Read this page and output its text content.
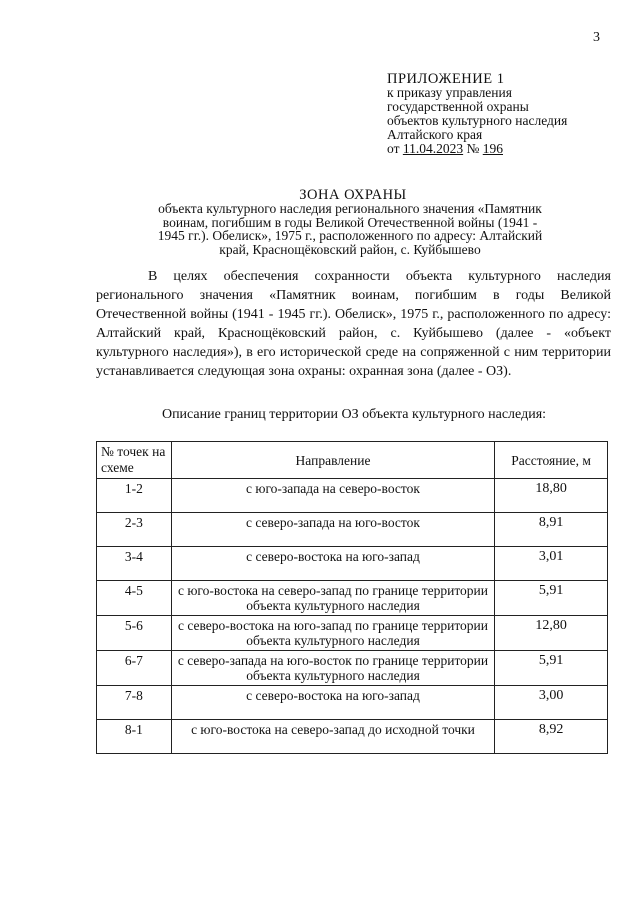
3
ПРИЛОЖЕНИЕ 1
к приказу управления
государственной охраны
объектов культурного наследия
Алтайского края
от 11.04.2023 № 196
ЗОНА ОХРАНЫ
объекта культурного наследия регионального значения «Памятник воинам, погибшим в годы Великой Отечественной войны (1941 - 1945 гг.). Обелиск», 1975 г., расположенного по адресу: Алтайский край, Краснощёковский район, с. Куйбышево
В целях обеспечения сохранности объекта культурного наследия регионального значения «Памятник воинам, погибшим в годы Великой Отечественной войны (1941 - 1945 гг.). Обелиск», 1975 г., расположенного по адресу: Алтайский край, Краснощёковский район, с. Куйбышево (далее - «объект культурного наследия»), в его исторической среде на сопряженной с ним территории устанавливается следующая зона охраны: охранная зона (далее - ОЗ).
Описание границ территории ОЗ объекта культурного наследия:
№ точек на схеме	Направление	Расстояние, м
1-2	с юго-запада на северо-восток	18,80
2-3	с северо-запада на юго-восток	8,91
3-4	с северо-востока на юго-запад	3,01
4-5	с юго-востока на северо-запад по границе территории объекта культурного наследия	5,91
5-6	с северо-востока на юго-запад по границе территории объекта культурного наследия	12,80
6-7	с северо-запада на юго-восток по границе территории объекта культурного наследия	5,91
7-8	с северо-востока на юго-запад	3,00
8-1	с юго-востока на северо-запад до исходной точки	8,92
